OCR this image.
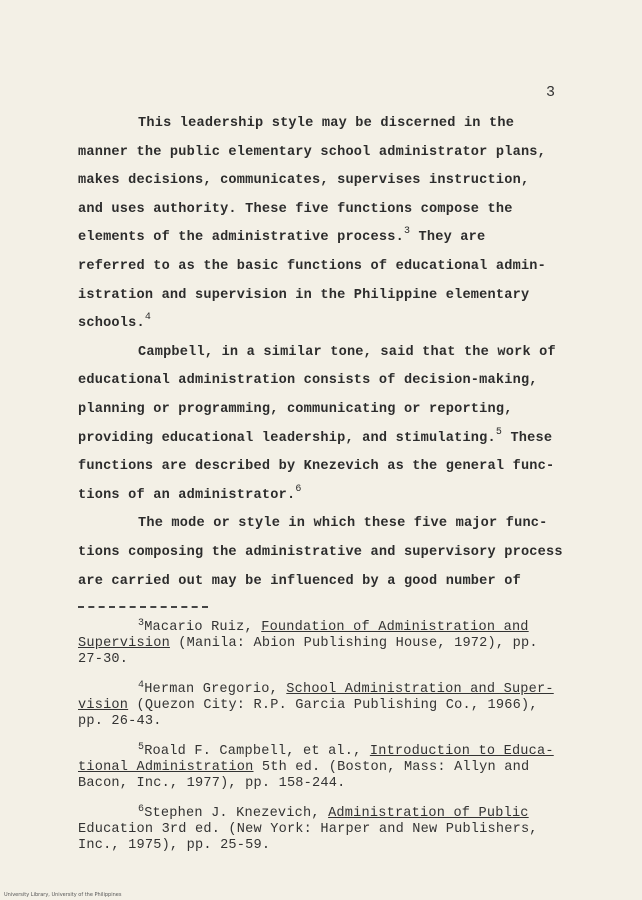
3
This leadership style may be discerned in the
manner the public elementary school administrator plans,
makes decisions, communicates, supervises instruction,
and uses authority. These five functions compose the
elements of the administrative process.$^3$ They are
referred to as the basic functions of educational admin-
istration and supervision in the Philippine elementary
schools.$^4$
Campbell, in a similar tone, said that the work of
educational administration consists of decision-making,
planning or programming, communicating or reporting,
providing educational leadership, and stimulating.$^5$ These
functions are described by Knezevich as the general func-
tions of an administrator.$^6$
The mode or style in which these five major func-
tions composing the administrative and supervisory process
are carried out may be influenced by a good number of
$^3$Macario Ruiz, Foundation of Administration and
Supervision (Manila: Abion Publishing House, 1972), pp.
27-30.
$^4$Herman Gregorio, School Administration and Super-
vision (Quezon City: R.P. Garcia Publishing Co., 1966),
pp. 26-43.
$^5$Roald F. Campbell, et al., Introduction to Educa-
tional Administration 5th ed. (Boston, Mass: Allyn and
Bacon, Inc., 1977), pp. 158-244.
$^6$Stephen J. Knezevich, Administration of Public
Education 3rd ed. (New York: Harper and New Publishers,
Inc., 1975), pp. 25-59.
University Library, University of the Philippines
